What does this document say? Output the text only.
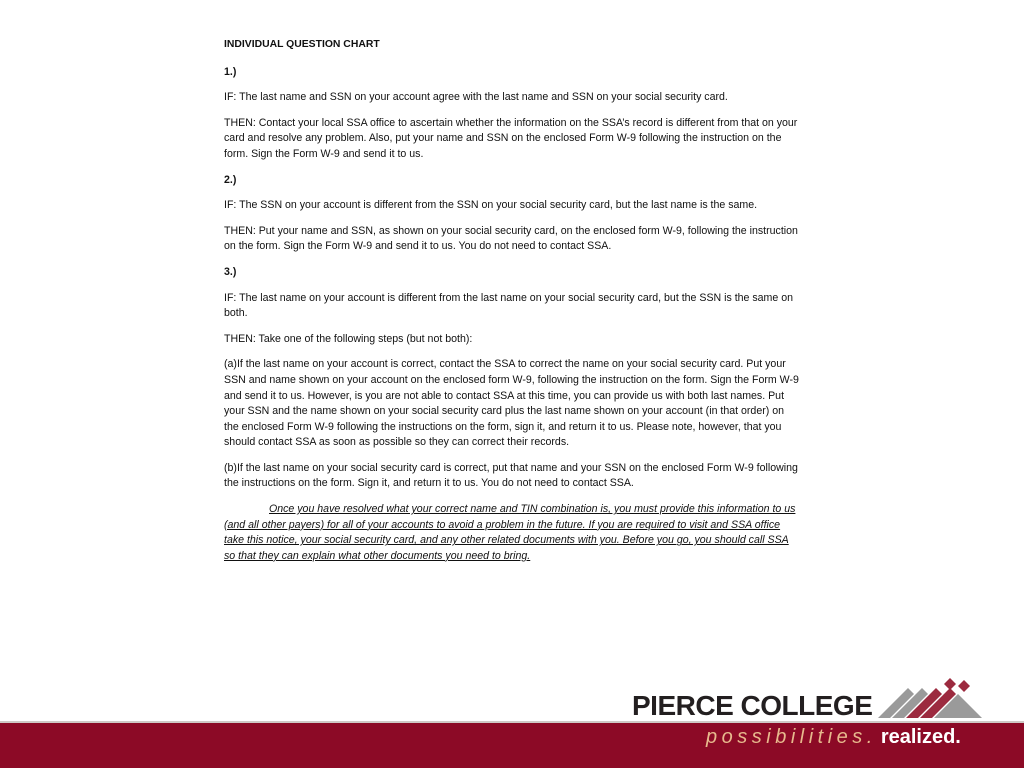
INDIVIDUAL QUESTION CHART

1.)

IF: The last name and SSN on your account agree with the last name and SSN on your social security card.

THEN: Contact your local SSA office to ascertain whether the information on the SSA’s record is different from that on your card and resolve any problem. Also, put your name and SSN on the enclosed Form W-9 following the instruction on the form. Sign the Form W-9 and send it to us.

2.)

IF: The SSN on your account is different from the SSN on your social security card, but the last name is the same.

THEN: Put your name and SSN, as shown on your social security card, on the enclosed form W-9, following the instruction on the form. Sign the Form W-9 and send it to us. You do not need to contact SSA.

3.)

IF: The last name on your account is different from the last name on your social security card, but the SSN is the same on both.

THEN: Take one of the following steps (but not both):

(a)If the last name on your account is correct, contact the SSA to correct the name on your social security card. Put your SSN and name shown on your account on the enclosed form W-9, following the instruction on the form. Sign the Form W-9 and send it to us. However, is you are not able to contact SSA at this time, you can provide us with both last names. Put your SSN and the name shown on your social security card plus the last name shown on your account (in that order) on the enclosed Form W-9 following the instructions on the form, sign it, and return it to us. Please note, however, that you should contact SSA as soon as possible so they can correct their records.

(b)If the last name on your social security card is correct, put that name and your SSN on the enclosed Form W-9 following the instructions on the form. Sign it, and return it to us. You do not need to contact SSA.

Once you have resolved what your correct name and TIN combination is, you must provide this information to us (and all other payers) for all of your accounts to avoid a problem in the future. If you are required to visit and SSA office take this notice, your social security card, and any other related documents with you. Before you go, you should call SSA so that they can explain what other documents you need to bring.

PIERCE COLLEGE
possibilities. realized.
